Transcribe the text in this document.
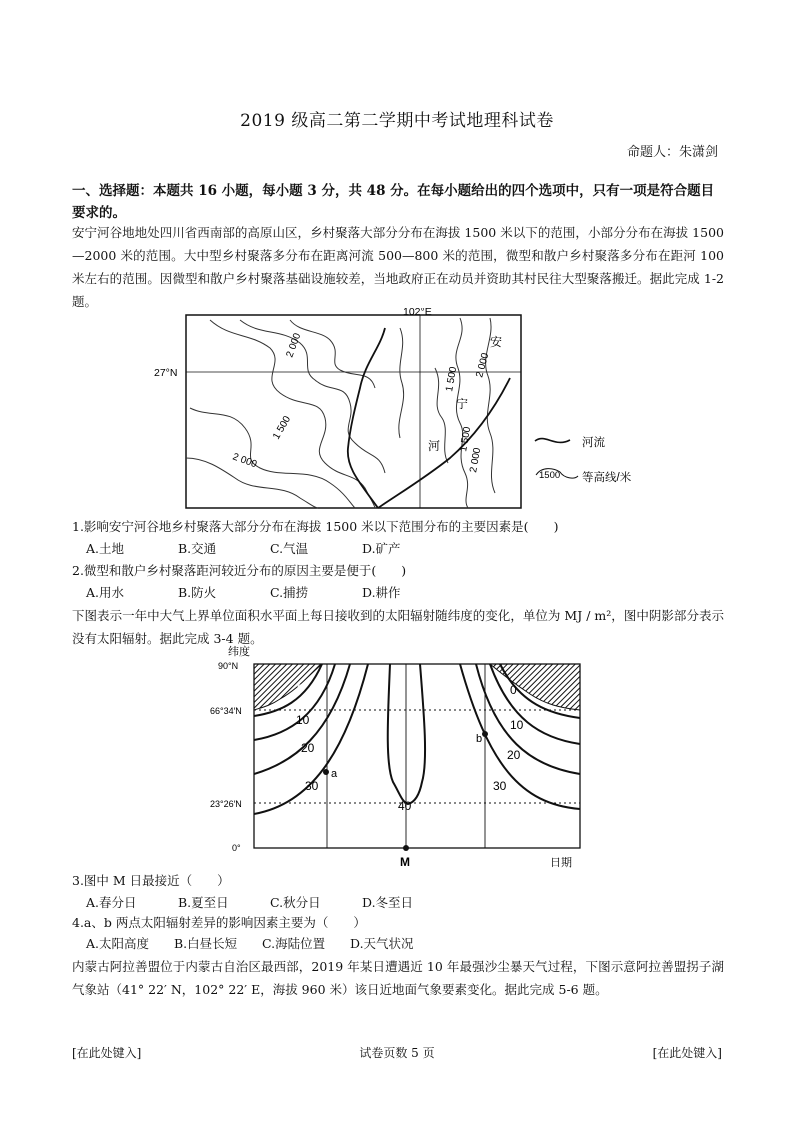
2019 级高二第二学期中考试地理科试卷
命题人：朱潇剑
一、选择题：本题共 16 小题，每小题 3 分，共 48 分。在每小题给出的四个选项中，只有一项是符合题目要求的。
安宁河谷地地处四川省西南部的高原山区，乡村聚落大部分分布在海拔 1500 米以下的范围，小部分分布在海拔 1500—2000 米的范围。大中型乡村聚落多分布在距离河流 500—800 米的范围，微型和散户乡村聚落多分布在距河 100 米左右的范围。因微型和散户乡村聚落基础设施较差，当地政府正在动员并资助其村民往大型聚落搬迁。据此完成 1-2 题。
102°E
27°N
2 000
1 500
2 000
1 500
2 000
1 500
2 000
安
宁
河	河流
1500 等高线/米
1.影响安宁河谷地乡村聚落大部分分布在海拔 1500 米以下范围分布的主要因素是(　　)
A.土地	B.交通	C.气温	D.矿产
2.微型和散户乡村聚落距河较近分布的原因主要是便于(　　)
A.用水	B.防火	C.捕捞	D.耕作
下图表示一年中大气上界单位面积水平面上每日接收到的太阳辐射随纬度的变化，单位为 MJ / m²，图中阴影部分表示没有太阳辐射。据此完成 3-4 题。
纬度
90°N
66°34′N
23°26′N
0°
a
b
0
10
20
30
0
10
20
30
40
M	日期
3.图中 M 日最接近（　　）
A.春分日	B.夏至日	C.秋分日	D.冬至日
4.a、b 两点太阳辐射差异的影响因素主要为（　　）
A.太阳高度 B.白昼长短 C.海陆位置 D.天气状况
内蒙古阿拉善盟位于内蒙古自治区最西部，2019 年某日遭遇近 10 年最强沙尘暴天气过程，下图示意阿拉善盟拐子湖气象站（41° 22′ N，102° 22′ E，海拔 960 米）该日近地面气象要素变化。据此完成 5-6 题。
[在此处键入]	试卷页数 5 页	[在此处键入]
